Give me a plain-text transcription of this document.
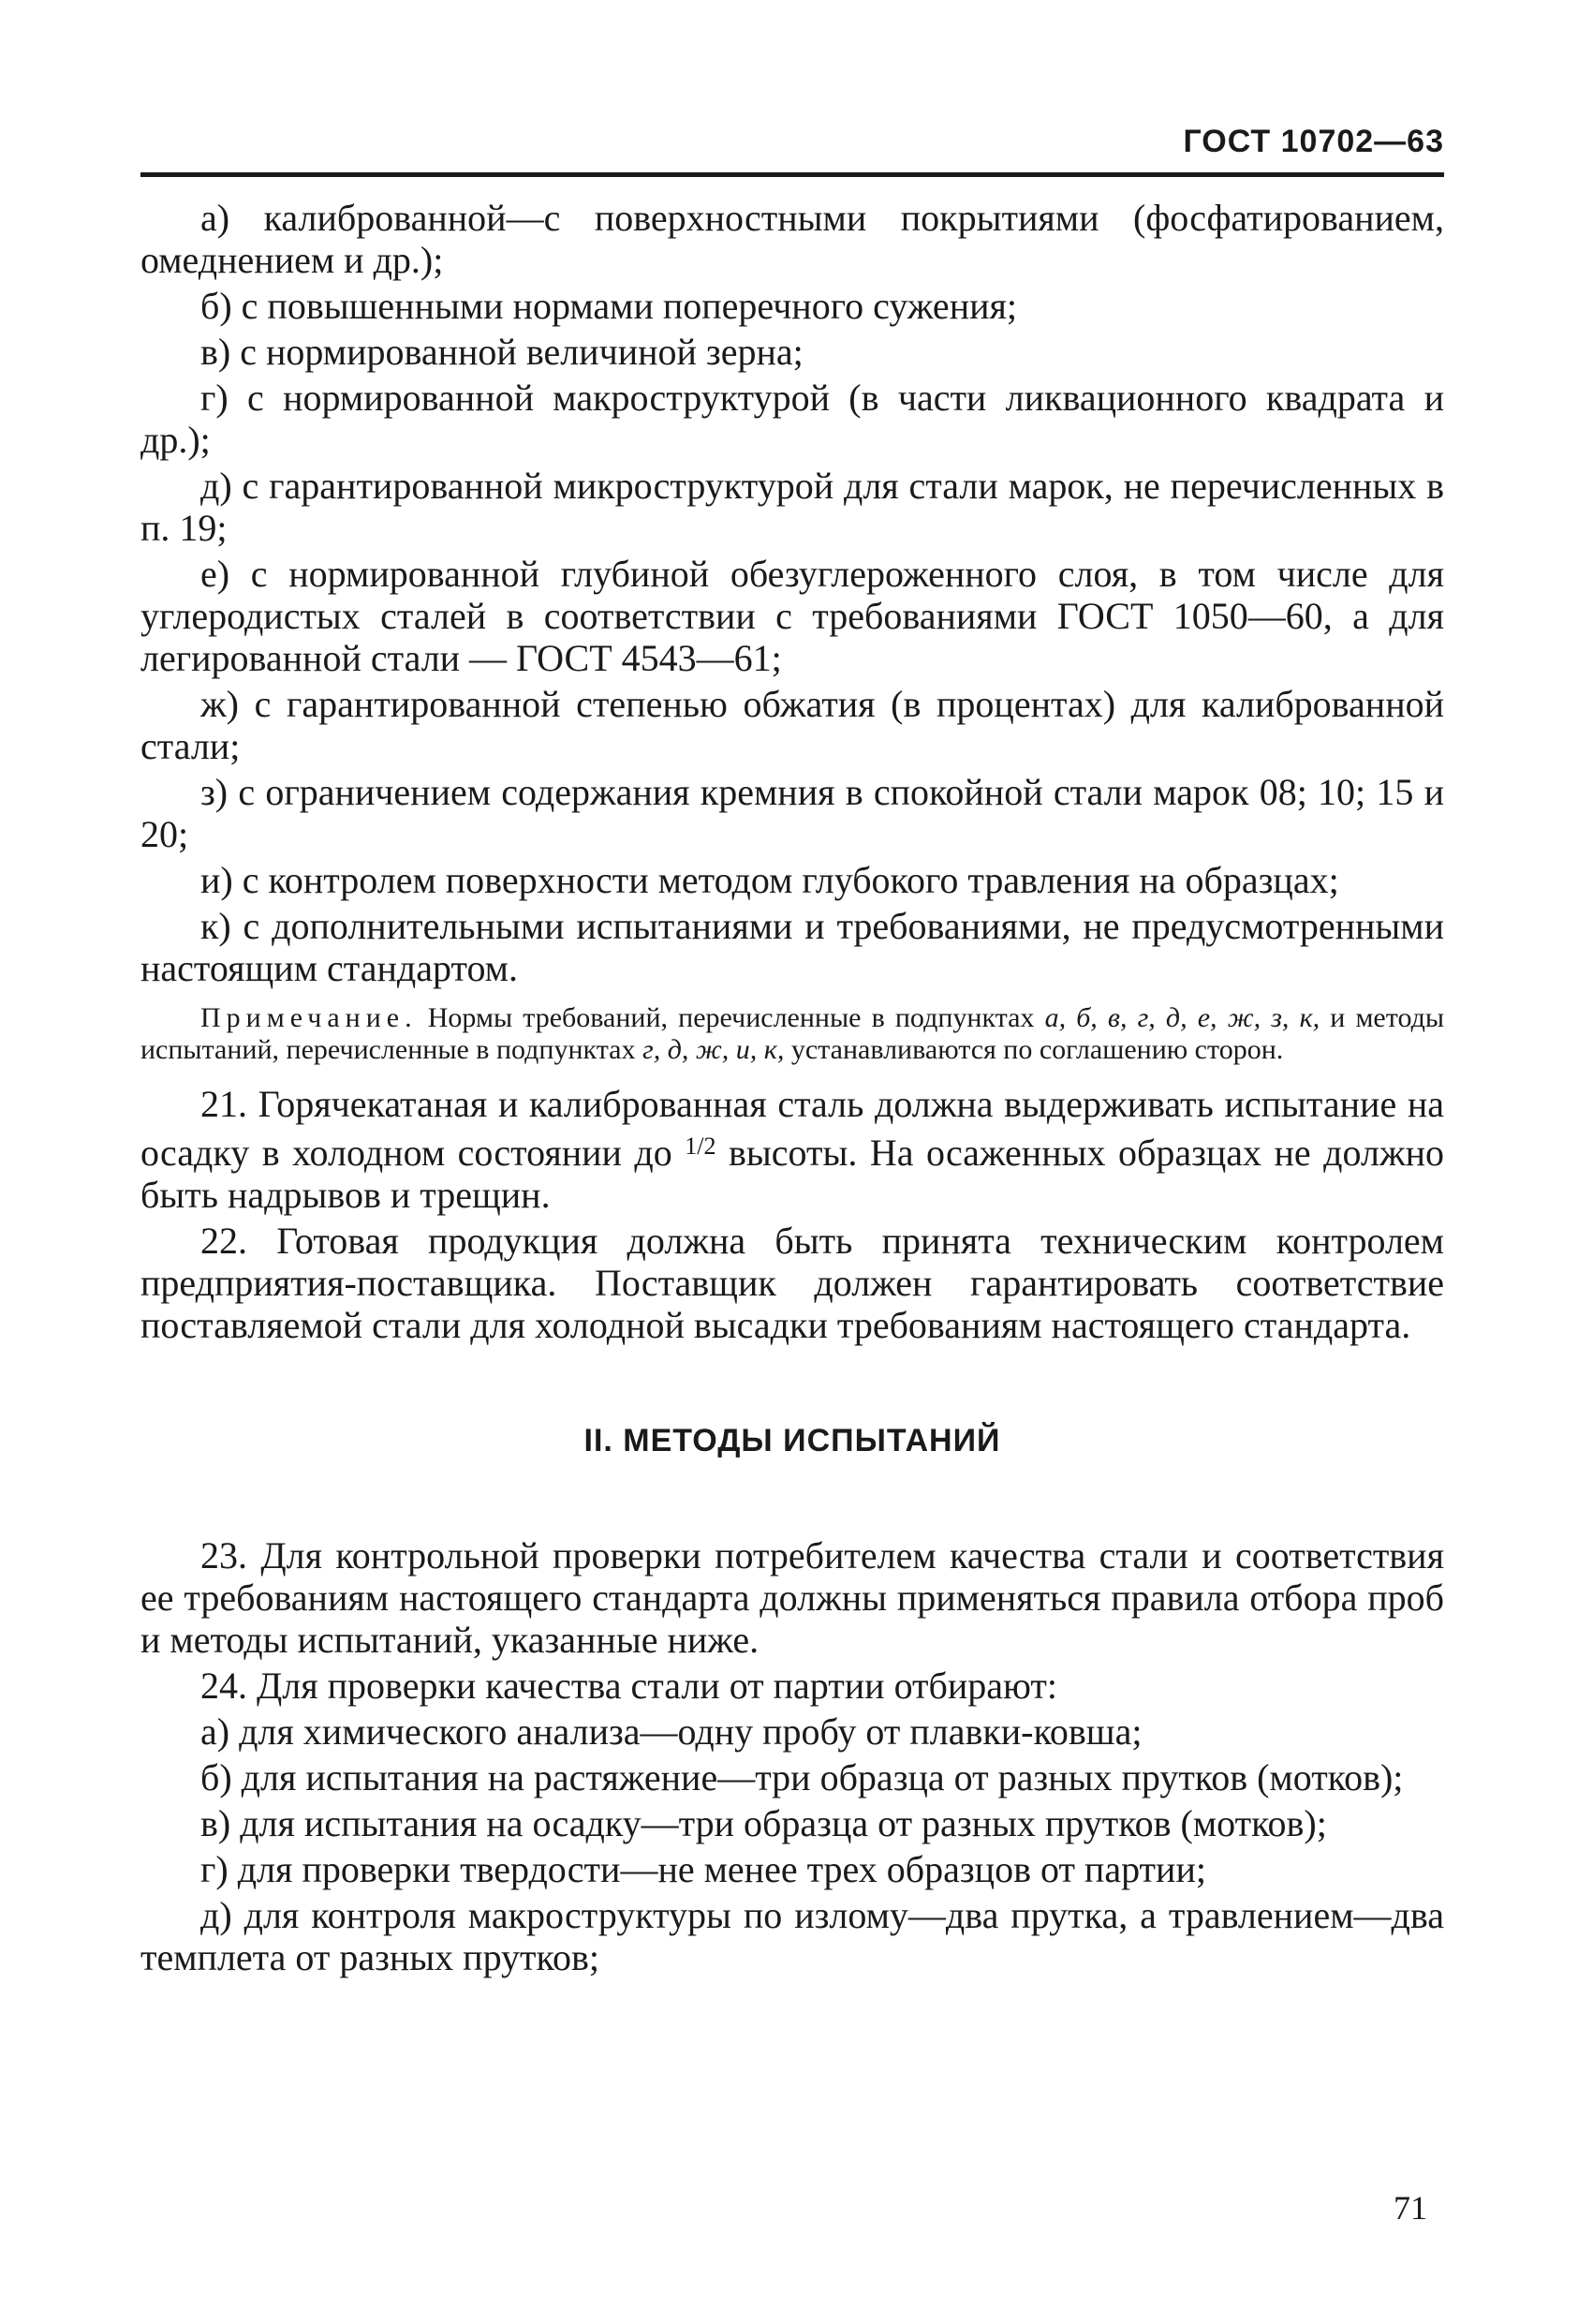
ГОСТ 10702—63

а) калиброванной—с поверхностными покрытиями (фосфатированием, омеднением и др.);

б) с повышенными нормами поперечного сужения;

в) с нормированной величиной зерна;

г) с нормированной макроструктурой (в части ликвационного квадрата и др.);

д) с гарантированной микроструктурой для стали марок, не перечисленных в п. 19;

е) с нормированной глубиной обезуглероженного слоя, в том числе для углеродистых сталей в соответствии с требованиями ГОСТ 1050—60, а для легированной стали — ГОСТ 4543—61;

ж) с гарантированной степенью обжатия (в процентах) для калиброванной стали;

з) с ограничением содержания кремния в спокойной стали марок 08; 10; 15 и 20;

и) с контролем поверхности методом глубокого травления на образцах;

к) с дополнительными испытаниями и требованиями, не предусмотренными настоящим стандартом.

Примечание. Нормы требований, перечисленные в подпунктах а, б, в, г, д, е, ж, з, к, и методы испытаний, перечисленные в подпунктах г, д, ж, и, к, устанавливаются по соглашению сторон.

21. Горячекатаная и калиброванная сталь должна выдерживать испытание на осадку в холодном состоянии до $^{1/2}$ высоты. На осаженных образцах не должно быть надрывов и трещин.

22. Готовая продукция должна быть принята техническим контролем предприятия-поставщика. Поставщик должен гарантировать соответствие поставляемой стали для холодной высадки требованиям настоящего стандарта.

II. МЕТОДЫ ИСПЫТАНИЙ

23. Для контрольной проверки потребителем качества стали и соответствия ее требованиям настоящего стандарта должны применяться правила отбора проб и методы испытаний, указанные ниже.

24. Для проверки качества стали от партии отбирают:

а) для химического анализа—одну пробу от плавки-ковша;

б) для испытания на растяжение—три образца от разных прутков (мотков);

в) для испытания на осадку—три образца от разных прутков (мотков);

г) для проверки твердости—не менее трех образцов от партии;

д) для контроля макроструктуры по излому—два прутка, а травлением—два темплета от разных прутков;

71
